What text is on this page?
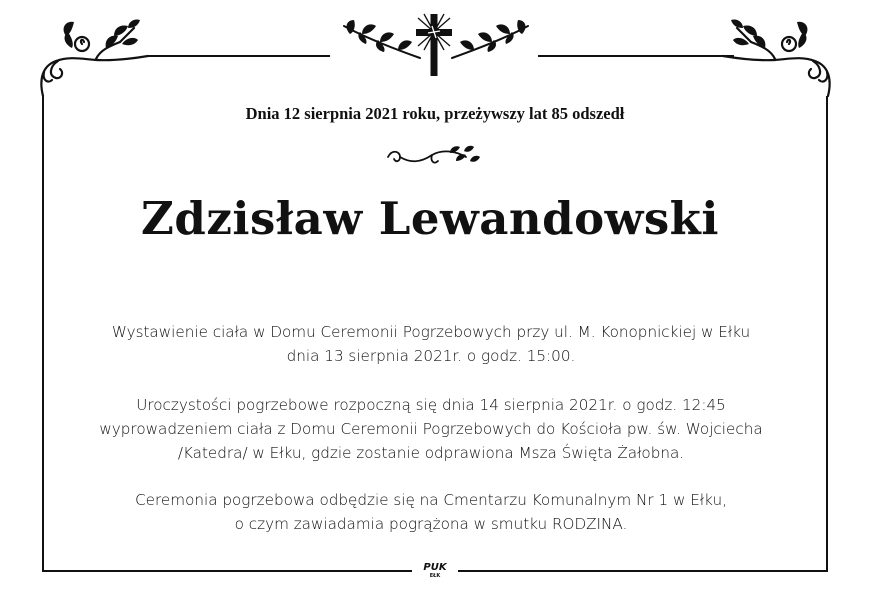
Dnia 12 sierpnia 2021 roku, przeżywszy lat 85 odszedł
Zdzisław Lewandowski
Wystawienie ciała w Domu Ceremonii Pogrzebowych przy ul. M. Konopnickiej w Ełku
dnia 13 sierpnia 2021r. o godz. 15:00.
Uroczystości pogrzebowe rozpoczną się dnia 14 sierpnia 2021r. o godz. 12:45
wyprowadzeniem ciała z Domu Ceremonii Pogrzebowych do Kościoła pw. św. Wojciecha
/Katedra/ w Ełku, gdzie zostanie odprawiona Msza Święta Żałobna.
Ceremonia pogrzebowa odbędzie się na Cmentarzu Komunalnym Nr 1 w Ełku,
o czym zawiadamia pogrążona w smutku RODZINA.
PUK
EŁK
